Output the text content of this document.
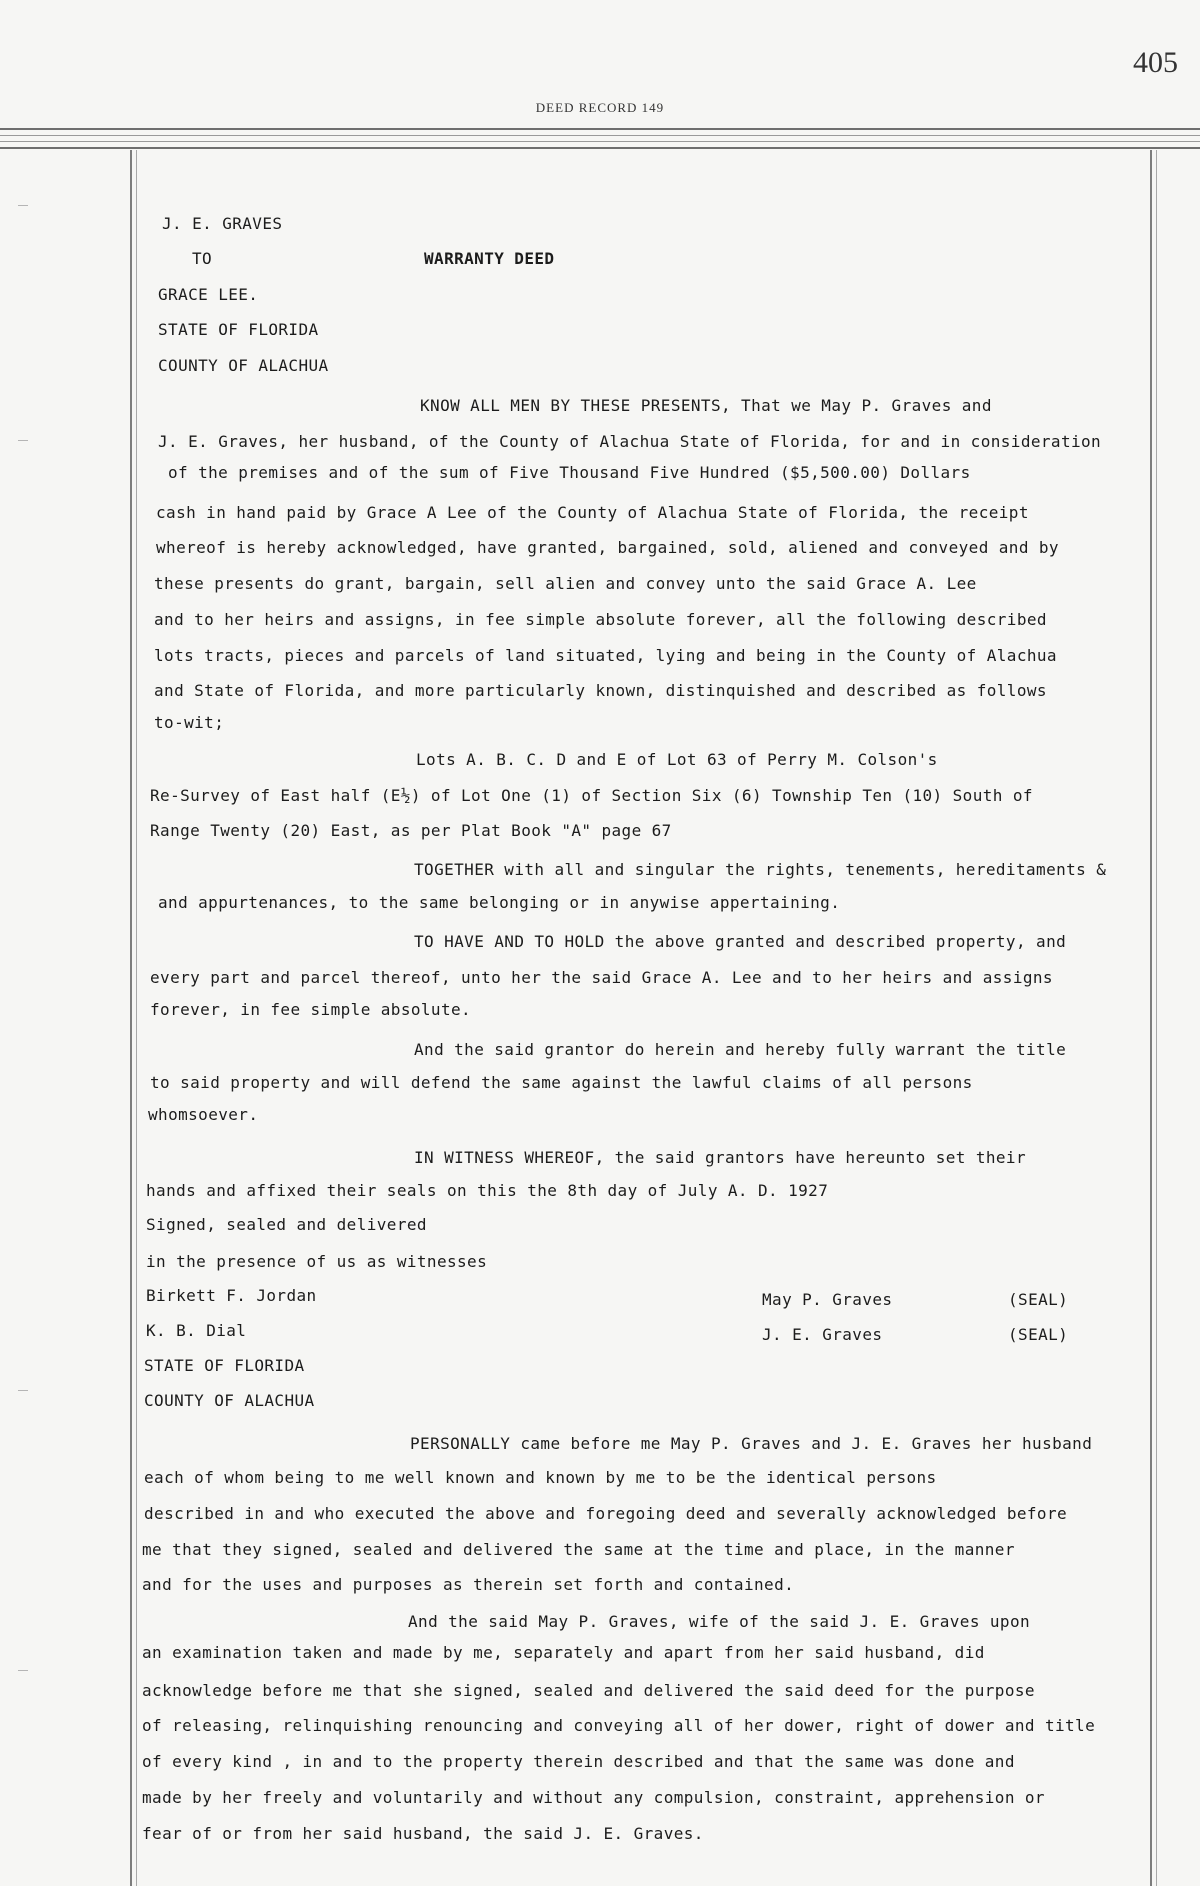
405
DEED RECORD 149
J. E. GRAVES
TO	WARRANTY DEED
GRACE LEE.
STATE OF FLORIDA
COUNTY OF ALACHUA
KNOW ALL MEN BY THESE PRESENTS, That we May P. Graves and
J. E. Graves, her husband, of the County of Alachua State of Florida, for and in consideration
of the premises and of the sum of Five Thousand Five Hundred ($5,500.00) Dollars
cash in hand paid by Grace A Lee of the County of Alachua State of Florida, the receipt
whereof is hereby acknowledged, have granted, bargained, sold, aliened and conveyed and by
these presents do grant, bargain, sell alien and convey unto the said Grace A. Lee
and to her heirs and assigns, in fee simple absolute forever, all the following described
lots tracts, pieces and parcels of land situated, lying and being in the County of Alachua
and State of Florida, and more particularly known, distinquished and described as follows
to-wit;
Lots A. B. C. D and E of Lot 63 of Perry M. Colson's
Re-Survey of East half (E½) of Lot One (1) of Section Six (6) Township Ten (10) South of
Range Twenty (20) East, as per Plat Book "A" page 67
TOGETHER with all and singular the rights, tenements, hereditaments &
and appurtenances, to the same belonging or in anywise appertaining.
TO HAVE AND TO HOLD the above granted and described property, and
every part and parcel thereof, unto her the said Grace A. Lee and to her heirs and assigns
forever, in fee simple absolute.
And the said grantor do herein and hereby fully warrant the title
to said property and will defend the same against the lawful claims of all persons
whomsoever.
IN WITNESS WHEREOF, the said grantors have hereunto set their
hands and affixed their seals on this the 8th day of July A. D. 1927
Signed, sealed and delivered
in the presence of us as witnesses
Birkett F. Jordan
K. B. Dial
May P. Graves	(SEAL)
J. E. Graves	(SEAL)
STATE OF FLORIDA
COUNTY OF ALACHUA
PERSONALLY came before me May P. Graves and J. E. Graves her husband
each of whom being to me well known and known by me to be the identical persons
described in and who executed the above and foregoing deed and severally acknowledged before
me that they signed, sealed and delivered the same at the time and place, in the manner
and for the uses and purposes as therein set forth and contained.
And the said May P. Graves, wife of the said J. E. Graves upon
an examination taken and made by me, separately and apart from her said husband, did
acknowledge before me that she signed, sealed and delivered the said deed for the purpose
of releasing, relinquishing renouncing and conveying all of her dower, right of dower and title
of every kind , in and to the property therein described and that the same was done and
made by her freely and voluntarily and without any compulsion, constraint, apprehension or
fear of or from her said husband, the said J. E. Graves.
